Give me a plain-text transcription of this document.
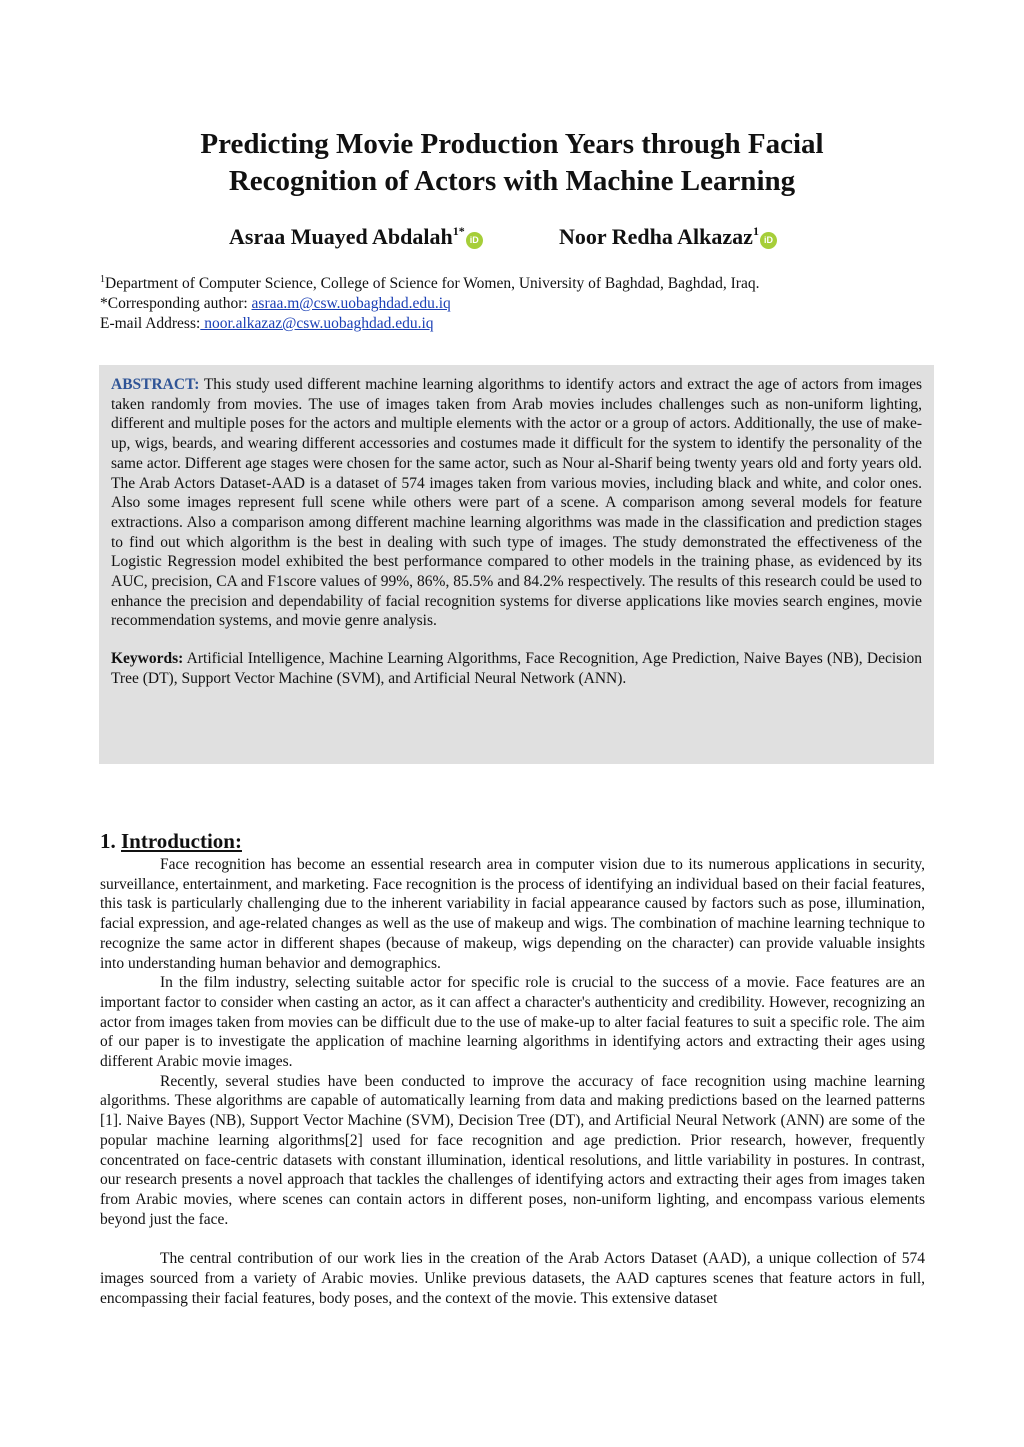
Predicting Movie Production Years through Facial
Recognition of Actors with Machine Learning
Asraa Muayed Abdalah$^{1*}$iD	Noor Redha Alkazaz$^1$iD
$^1$Department of Computer Science, College of Science for Women, University of Baghdad, Baghdad, Iraq.
*Corresponding author: asraa.m@csw.uobaghdad.edu.iq
E-mail Address: noor.alkazaz@csw.uobaghdad.edu.iq

ABSTRACT: This study used different machine learning algorithms to identify actors and extract the age of actors from images taken randomly from movies. The use of images taken from Arab movies includes challenges such as non-uniform lighting, different and multiple poses for the actors and multiple elements with the actor or a group of actors. Additionally, the use of make-up, wigs, beards, and wearing different accessories and costumes made it difficult for the system to identify the personality of the same actor. Different age stages were chosen for the same actor, such as Nour al-Sharif being twenty years old and forty years old. The Arab Actors Dataset-AAD is a dataset of 574 images taken from various movies, including black and white, and color ones. Also some images represent full scene while others were part of a scene. A comparison among several models for feature extractions. Also a comparison among different machine learning algorithms was made in the classification and prediction stages to find out which algorithm is the best in dealing with such type of images. The study demonstrated the effectiveness of the Logistic Regression model exhibited the best performance compared to other models in the training phase, as evidenced by its AUC, precision, CA and F1score values of 99%, 86%, 85.5% and 84.2% respectively. The results of this research could be used to enhance the precision and dependability of facial recognition systems for diverse applications like movies search engines, movie recommendation systems, and movie genre analysis.

Keywords: Artificial Intelligence, Machine Learning Algorithms, Face Recognition, Age Prediction, Naive Bayes (NB), Decision Tree (DT), Support Vector Machine (SVM), and Artificial Neural Network (ANN).

1. Introduction:

Face recognition has become an essential research area in computer vision due to its numerous applications in security, surveillance, entertainment, and marketing. Face recognition is the process of identifying an individual based on their facial features, this task is particularly challenging due to the inherent variability in facial appearance caused by factors such as pose, illumination, facial expression, and age-related changes as well as the use of makeup and wigs. The combination of machine learning technique to recognize the same actor in different shapes (because of makeup, wigs depending on the character) can provide valuable insights into understanding human behavior and demographics.

In the film industry, selecting suitable actor for specific role is crucial to the success of a movie. Face features are an important factor to consider when casting an actor, as it can affect a character's authenticity and credibility. However, recognizing an actor from images taken from movies can be difficult due to the use of make-up to alter facial features to suit a specific role. The aim of our paper is to investigate the application of machine learning algorithms in identifying actors and extracting their ages using different Arabic movie images.

Recently, several studies have been conducted to improve the accuracy of face recognition using machine learning algorithms. These algorithms are capable of automatically learning from data and making predictions based on the learned patterns [1]. Naive Bayes (NB), Support Vector Machine (SVM), Decision Tree (DT), and Artificial Neural Network (ANN) are some of the popular machine learning algorithms[2] used for face recognition and age prediction. Prior research, however, frequently concentrated on face-centric datasets with constant illumination, identical resolutions, and little variability in postures. In contrast, our research presents a novel approach that tackles the challenges of identifying actors and extracting their ages from images taken from Arabic movies, where scenes can contain actors in different poses, non-uniform lighting, and encompass various elements beyond just the face.

The central contribution of our work lies in the creation of the Arab Actors Dataset (AAD), a unique collection of 574 images sourced from a variety of Arabic movies. Unlike previous datasets, the AAD captures scenes that feature actors in full, encompassing their facial features, body poses, and the context of the movie. This extensive dataset
